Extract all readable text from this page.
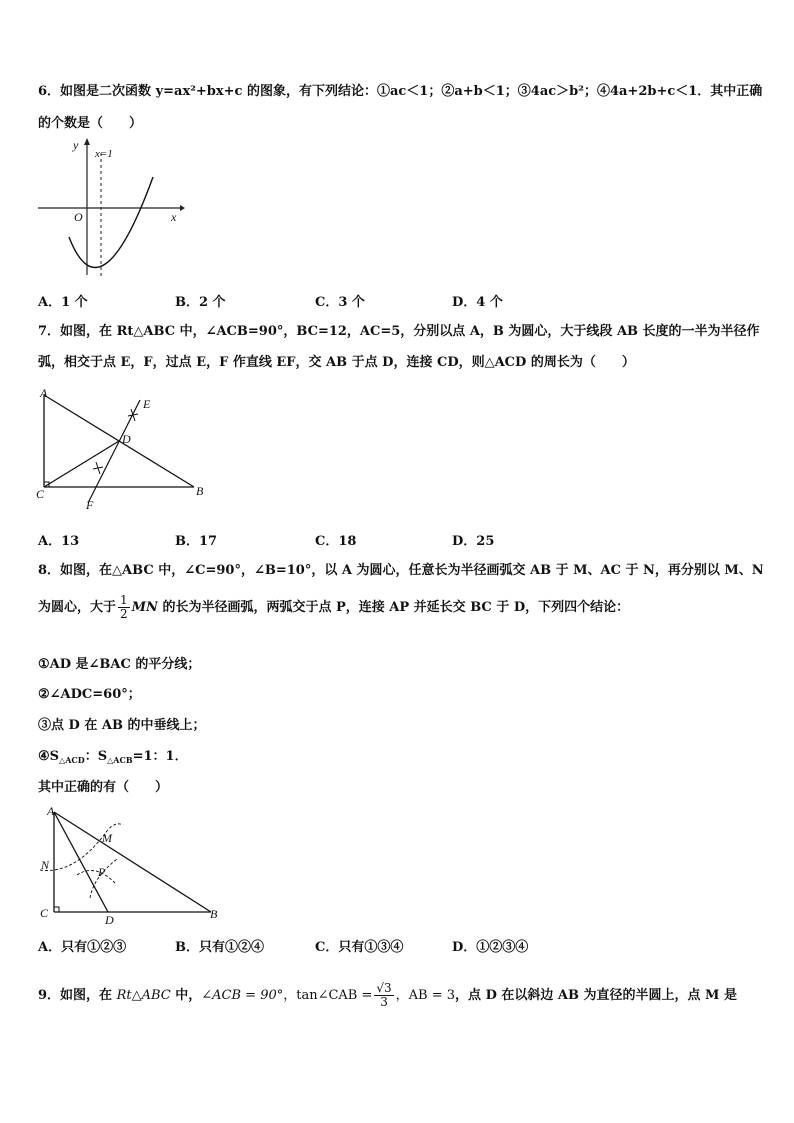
6．如图是二次函数 y=ax²+bx+c 的图象，有下列结论：①ac＜1；②a+b＜1；③4ac＞b²；④4a+2b+c＜1．其中正确
的个数是（　　）
y
x
O
x=1
A．1 个	B．2 个	C．3 个	D．4 个
7．如图，在 Rt△ABC 中，∠ACB=90°，BC=12，AC=5，分别以点 A，B 为圆心，大于线段 AB 长度的一半为半径作
弧，相交于点 E，F，过点 E，F 作直线 EF，交 AB 于点 D，连接 CD，则△ACD 的周长为（　　）
A
B
C
D
E
F
A．13	B．17	C．18	D．25
8．如图，在△ABC 中，∠C=90°，∠B=10°，以 A 为圆心，任意长为半径画弧交 AB 于 M、AC 于 N，再分别以 M、N
为圆心，大于 $\frac{1}{2}$ MN 的长为半径画弧，两弧交于点 P，连接 AP 并延长交 BC 于 D，下列四个结论：
①AD 是∠BAC 的平分线；
②∠ADC=60°；
③点 D 在 AB 的中垂线上；
$④S_{\triangle ACD}$：$S_{\triangle ACB}=1$：1．
其中正确的有（　　）
A
M
N	P
C	D	B
A．只有①②③	B．只有①②④	C．只有①③④	D．①②③④
9．如图，在 Rt△ABC 中，∠ACB = 90°，tan∠CAB = $\frac{√3}{3}$ ，AB = 3，点 D 在以斜边 AB 为直径的半圆上，点 M 是
